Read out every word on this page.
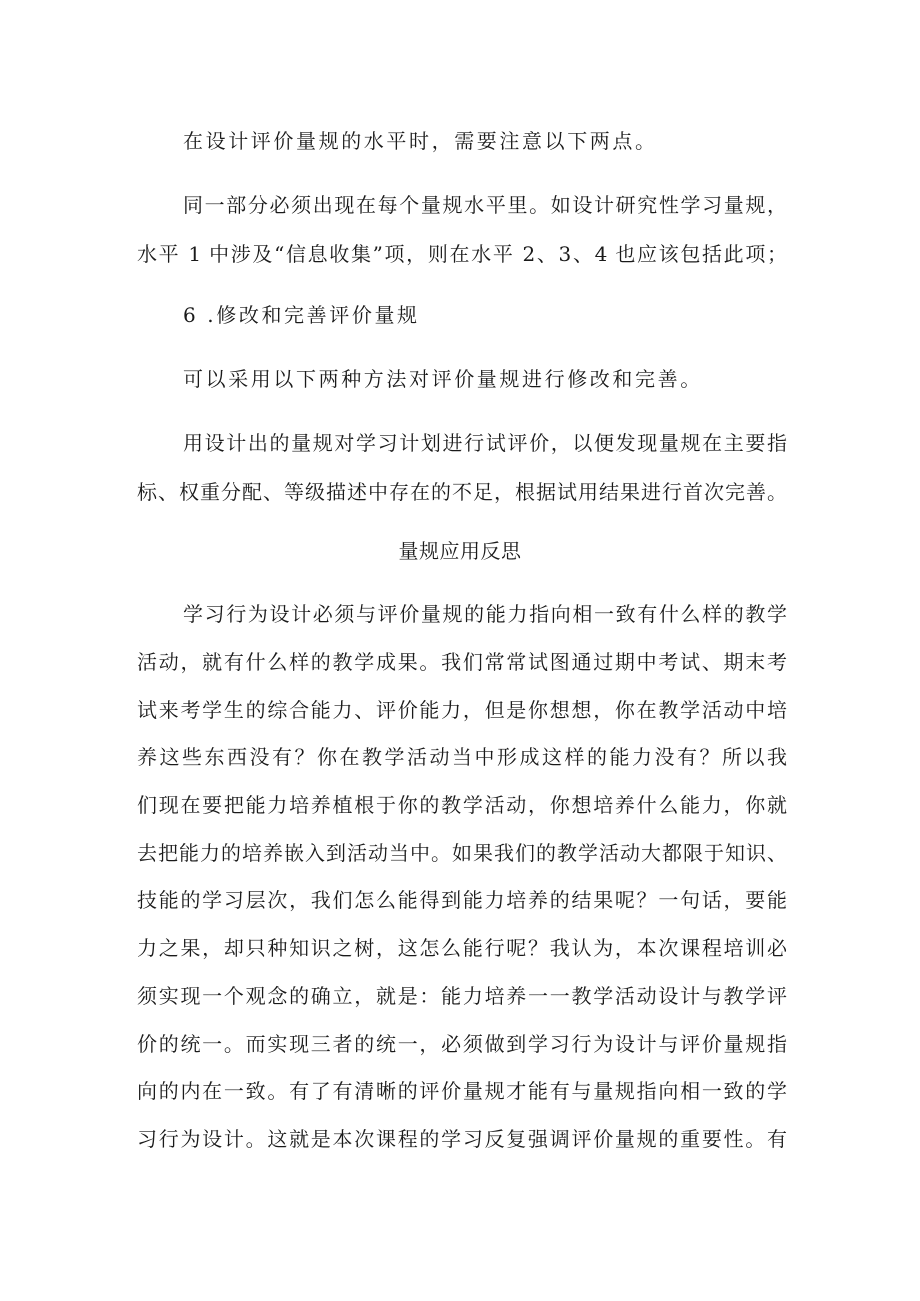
在设计评价量规的水平时，需要注意以下两点。
同一部分必须出现在每个量规水平里。如设计研究性学习量规，
水平 1 中涉及“信息收集”项，则在水平 2、3、4 也应该包括此项；
6 .修改和完善评价量规
可以采用以下两种方法对评价量规进行修改和完善。
用设计出的量规对学习计划进行试评价，以便发现量规在主要指
标、权重分配、等级描述中存在的不足，根据试用结果进行首次完善。
量规应用反思
学习行为设计必须与评价量规的能力指向相一致有什么样的教学
活动，就有什么样的教学成果。我们常常试图通过期中考试、期末考
试来考学生的综合能力、评价能力，但是你想想，你在教学活动中培
养这些东西没有？你在教学活动当中形成这样的能力没有？所以我
们现在要把能力培养植根于你的教学活动，你想培养什么能力，你就
去把能力的培养嵌入到活动当中。如果我们的教学活动大都限于知识、
技能的学习层次，我们怎么能得到能力培养的结果呢？一句话，要能
力之果，却只种知识之树，这怎么能行呢？我认为，本次课程培训必
须实现一个观念的确立，就是：能力培养一一教学活动设计与教学评
价的统一。而实现三者的统一，必须做到学习行为设计与评价量规指
向的内在一致。有了有清晰的评价量规才能有与量规指向相一致的学
习行为设计。这就是本次课程的学习反复强调评价量规的重要性。有
